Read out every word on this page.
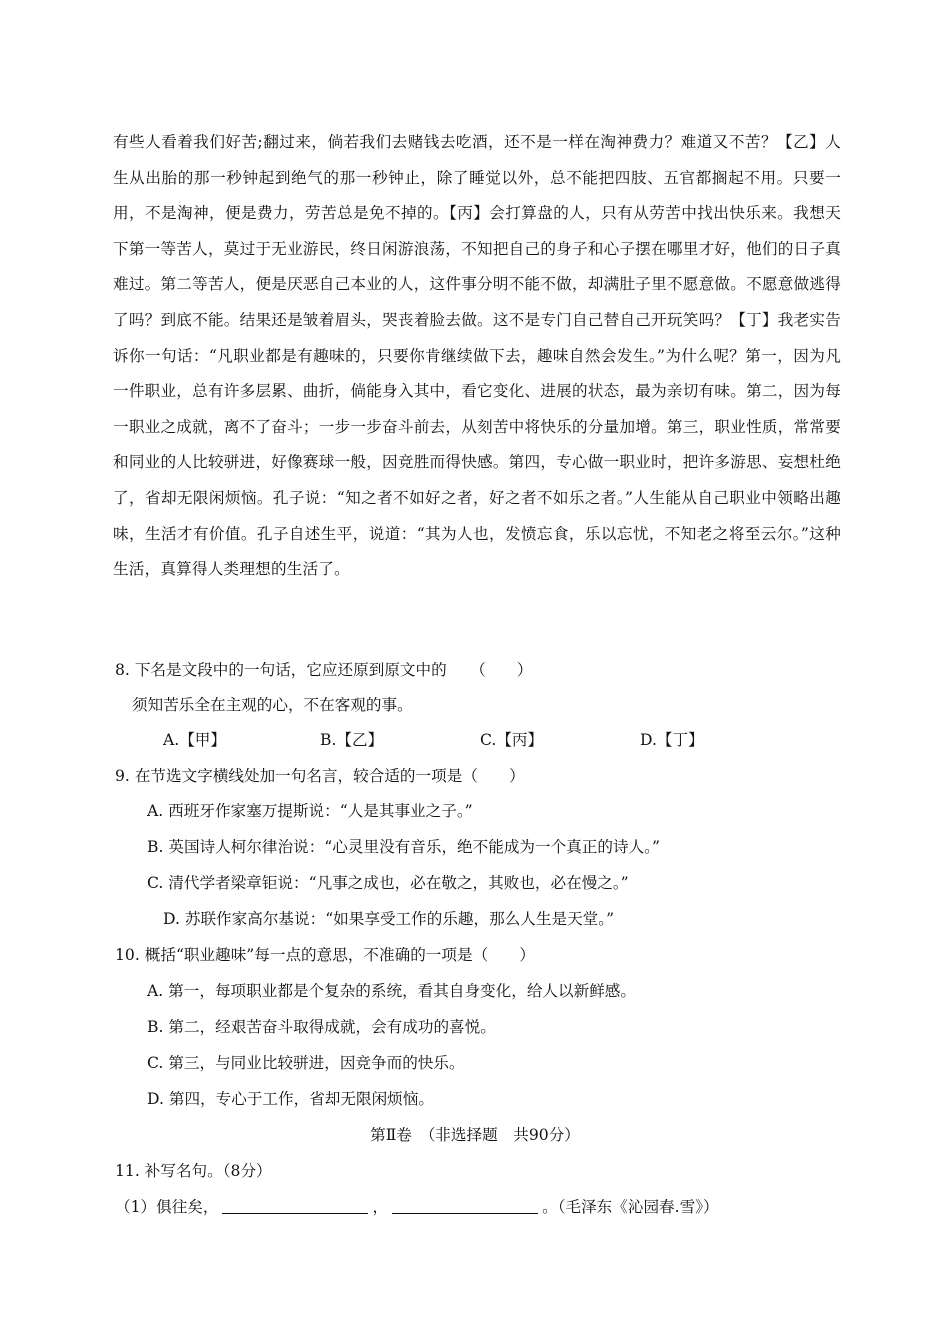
有些人看着我们好苦;翻过来，倘若我们去赌钱去吃酒，还不是一样在淘神费力？难道又不苦？【乙】人生从出胎的那一秒钟起到绝气的那一秒钟止，除了睡觉以外，总不能把四肢、五官都搁起不用。只要一用，不是淘神，便是费力，劳苦总是免不掉的。【丙】会打算盘的人，只有从劳苦中找出快乐来。我想天下第一等苦人，莫过于无业游民，终日闲游浪荡，不知把自己的身子和心子摆在哪里才好，他们的日子真难过。第二等苦人，便是厌恶自己本业的人，这件事分明不能不做，却满肚子里不愿意做。不愿意做逃得了吗？到底不能。结果还是皱着眉头，哭丧着脸去做。这不是专门自己替自己开玩笑吗？【丁】我老实告诉你一句话：“凡职业都是有趣味的，只要你肯继续做下去，趣味自然会发生。”为什么呢？第一，因为凡一件职业，总有许多层累、曲折，倘能身入其中，看它变化、进展的状态，最为亲切有味。第二，因为每一职业之成就，离不了奋斗；一步一步奋斗前去，从刻苦中将快乐的分量加增。第三，职业性质，常常要和同业的人比较骈进，好像赛球一般，因竞胜而得快感。第四，专心做一职业时，把许多游思、妄想杜绝了，省却无限闲烦恼。孔子说：“知之者不如好之者，好之者不如乐之者。”人生能从自己职业中领略出趣味，生活才有价值。孔子自述生平，说道：“其为人也，发愤忘食，乐以忘忧，不知老之将至云尔。”这种生活，真算得人类理想的生活了。

8. 下名是文段中的一句话，它应还原到原文中的　　（　　）
须知苦乐全在主观的心，不在客观的事。
A.【甲】	B.【乙】	C.【丙】	D.【丁】
9. 在节选文字横线处加一句名言，较合适的一项是（　　）
A. 西班牙作家塞万提斯说：“人是其事业之子。”
B. 英国诗人柯尔律治说：“心灵里没有音乐，绝不能成为一个真正的诗人。”
C. 清代学者梁章钜说：“凡事之成也，必在敬之，其败也，必在慢之。”
D. 苏联作家高尔基说：“如果享受工作的乐趣，那么人生是天堂。”
10. 概括“职业趣味”每一点的意思，不准确的一项是（　　）
A. 第一，每项职业都是个复杂的系统，看其自身变化，给人以新鲜感。
B. 第二，经艰苦奋斗取得成就，会有成功的喜悦。
C. 第三，与同业比较骈进，因竞争而的快乐。
D. 第四，专心于工作，省却无限闲烦恼。
第Ⅱ卷　（非选择题　共90分）
11. 补写名句。（8分）
（1）俱往矣，	，	。（毛泽东《沁园春.雪》）
